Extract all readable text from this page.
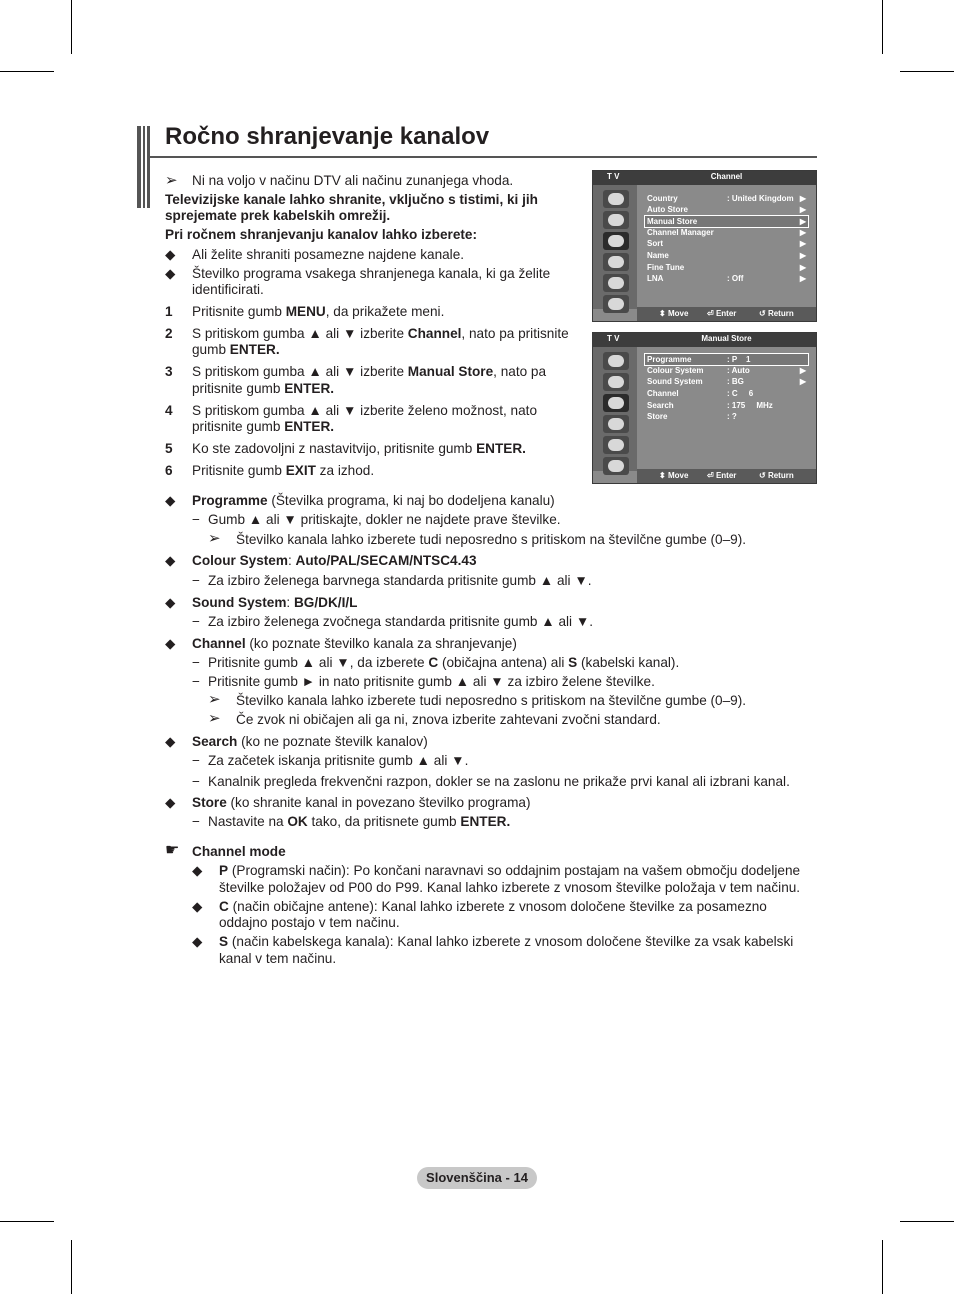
Ročno shranjevanje kanalov
➢ Ni na voljo v načinu DTV ali načinu zunanjega vhoda.
Televizijske kanale lahko shranite, vključno s tistimi, ki jih
sprejemate prek kabelskih omrežij.
Pri ročnem shranjevanju kanalov lahko izberete:
◆ Ali želite shraniti posamezne najdene kanale.
◆ Številko programa vsakega shranjenega kanala, ki ga želite
identificirati.
1 Pritisnite gumb MENU, da prikažete meni.
2 S pritiskom gumba ▲ ali ▼ izberite Channel, nato pa pritisnite
gumb ENTER.
3 S pritiskom gumba ▲ ali ▼ izberite Manual Store, nato pa
pritisnite gumb ENTER.
4 S pritiskom gumba ▲ ali ▼ izberite želeno možnost, nato
pritisnite gumb ENTER.
5 Ko ste zadovoljni z nastavitvijo, pritisnite gumb ENTER.
6 Pritisnite gumb EXIT za izhod.
T V	Channel
Country	: United Kingdom ▶
Auto Store	▶
Manual Store	▶
Channel Manager	▶
Sort	▶
Name	▶
Fine Tune	▶
LNA	: Off	▶
⬍ Move ⏎ Enter	↺ Return
T V	Manual Store
Programme	: P    1
Colour System	: Auto	▶
Sound System	: BG	▶
Channel	: C     6
Search	: 175     MHz
Store	: ?
⬍ Move ⏎ Enter	↺ Return
◆ Programme (Številka programa, ki naj bo dodeljena kanalu)
− Gumb ▲ ali ▼ pritiskajte, dokler ne najdete prave številke.
➢ Številko kanala lahko izberete tudi neposredno s pritiskom na številčne gumbe (0–9).
◆ Colour System: Auto/PAL/SECAM/NTSC4.43
− Za izbiro želenega barvnega standarda pritisnite gumb ▲ ali ▼.
◆ Sound System: BG/DK/I/L
− Za izbiro želenega zvočnega standarda pritisnite gumb ▲ ali ▼.
◆ Channel (ko poznate številko kanala za shranjevanje)
− Pritisnite gumb ▲ ali ▼, da izberete C (običajna antena) ali S (kabelski kanal).
− Pritisnite gumb ► in nato pritisnite gumb ▲ ali ▼ za izbiro želene številke.
➢ Številko kanala lahko izberete tudi neposredno s pritiskom na številčne gumbe (0–9).
➢ Če zvok ni običajen ali ga ni, znova izberite zahtevani zvočni standard.
◆ Search (ko ne poznate številk kanalov)
− Za začetek iskanja pritisnite gumb ▲ ali ▼.
− Kanalnik pregleda frekvenčni razpon, dokler se na zaslonu ne prikaže prvi kanal ali izbrani kanal.
◆ Store (ko shranite kanal in povezano številko programa)
− Nastavite na OK tako, da pritisnete gumb ENTER.
☛ Channel mode
◆ P (Programski način): Po končani naravnavi so oddajnim postajam na vašem območju dodeljene
številke položajev od P00 do P99. Kanal lahko izberete z vnosom številke položaja v tem načinu.
◆ C (način običajne antene): Kanal lahko izberete z vnosom določene številke za posamezno
oddajno postajo v tem načinu.
◆ S (način kabelskega kanala): Kanal lahko izberete z vnosom določene številke za vsak kabelski
kanal v tem načinu.
Slovenščina - 14
